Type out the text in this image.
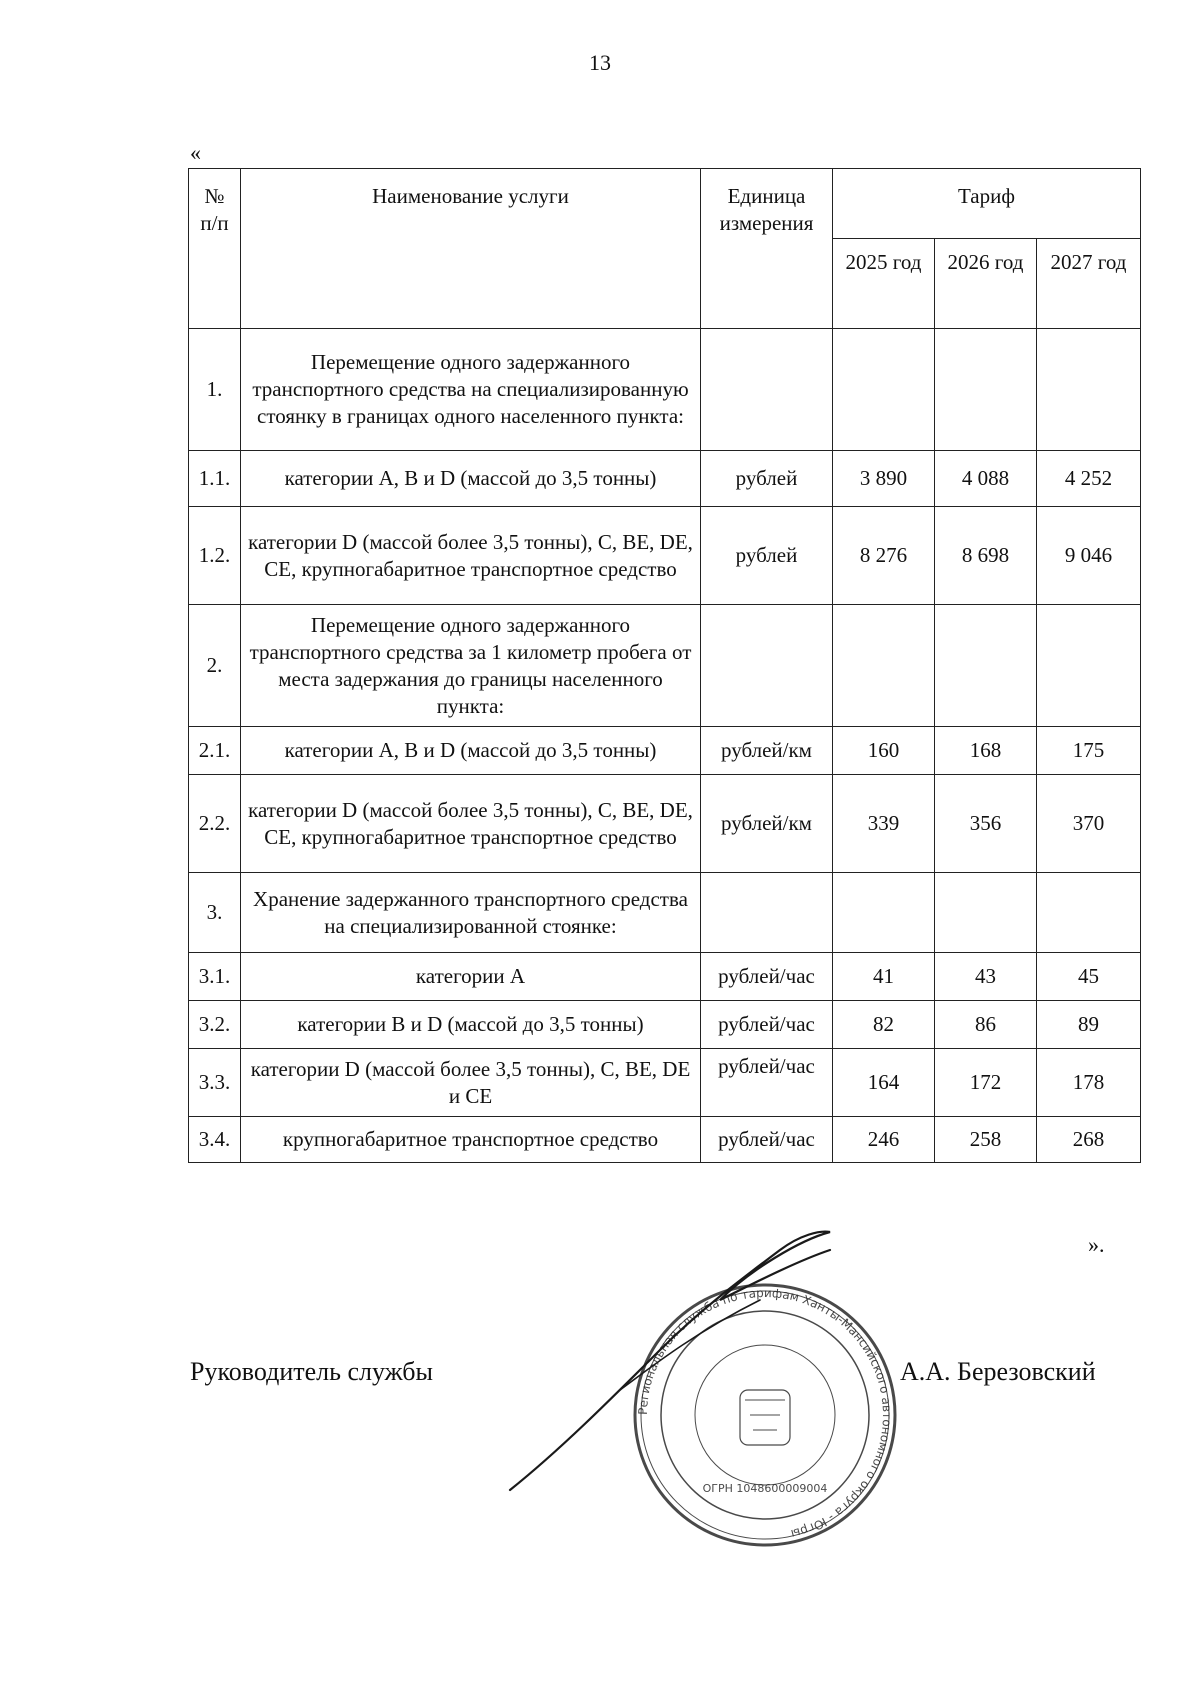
13
«
№ п/п	Наименование услуги	Единица измерения	Тариф		
			2025 год	2026 год	2027 год
1.	Перемещение одного задержанного транспортного средства на специализированную стоянку в границах одного населенного пункта:				
1.1.	категории А, В и D (массой до 3,5 тонны)	рублей	3 890	4 088	4 252
1.2.	категории D (массой более 3,5 тонны), С, ВЕ, DE, СЕ, крупногабаритное транспортное средство	рублей	8 276	8 698	9 046
2.	Перемещение одного задержанного транспортного средства за 1 километр пробега от места задержания до границы населенного пункта:				
2.1.	категории А, В и D (массой до 3,5 тонны)	рублей/км	160	168	175
2.2.	категории D (массой более 3,5 тонны), С, ВЕ, DE, СЕ, крупногабаритное транспортное средство	рублей/км	339	356	370
3.	Хранение задержанного транспортного средства на специализированной стоянке:				
3.1.	категории А	рублей/час	41	43	45
3.2.	категории В и D (массой до 3,5 тонны)	рублей/час	82	86	89
3.3.	категории D (массой более 3,5 тонны), С, ВЕ, DE и СЕ	рублей/час	164	172	178
3.4.	крупногабаритное транспортное средство	рублей/час	246	258	268
».
Руководитель службы	А.А. Березовский
Региональная служба по тарифам Ханты-Мансийского автономного округа - Югры
ОГРН 1048600009004
